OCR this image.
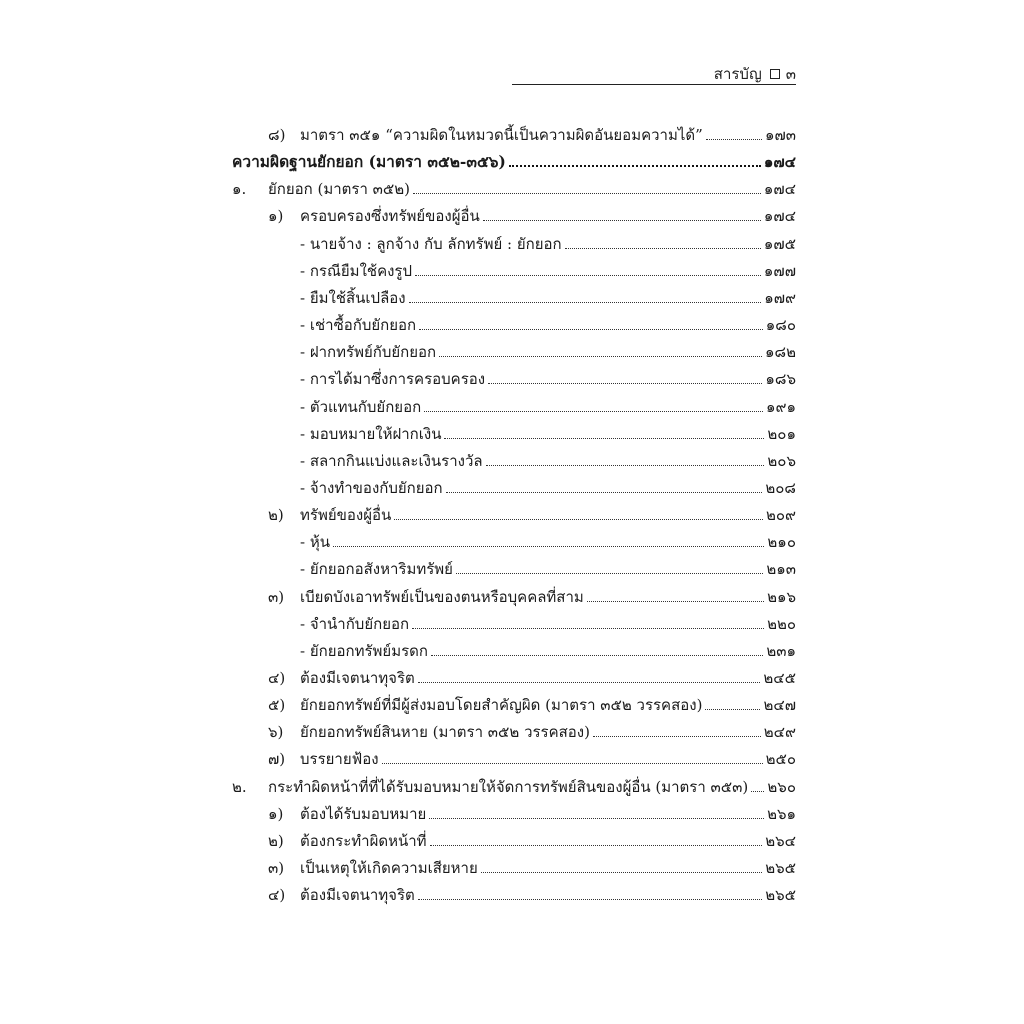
สารบัญ ๓
๘) มาตรา ๓๕๑ “ความผิดในหมวดนี้เป็นความผิดอันยอมความได้”	๑๗๓
ความผิดฐานยักยอก (มาตรา ๓๕๒-๓๕๖)	๑๗๔
๑. ยักยอก (มาตรา ๓๕๒)	๑๗๔
๑) ครอบครองซึ่งทรัพย์ของผู้อื่น	๑๗๔
- นายจ้าง : ลูกจ้าง กับ ลักทรัพย์ : ยักยอก	๑๗๕
- กรณียืมใช้คงรูป	๑๗๗
- ยืมใช้สิ้นเปลือง	๑๗๙
- เช่าซื้อกับยักยอก	๑๘๐
- ฝากทรัพย์กับยักยอก	๑๘๒
- การได้มาซึ่งการครอบครอง	๑๘๖
- ตัวแทนกับยักยอก	๑๙๑
- มอบหมายให้ฝากเงิน	๒๐๑
- สลากกินแบ่งและเงินรางวัล	๒๐๖
- จ้างทำของกับยักยอก	๒๐๘
๒) ทรัพย์ของผู้อื่น	๒๐๙
- หุ้น	๒๑๐
- ยักยอกอสังหาริมทรัพย์	๒๑๓
๓) เบียดบังเอาทรัพย์เป็นของตนหรือบุคคลที่สาม	๒๑๖
- จำนำกับยักยอก	๒๒๐
- ยักยอกทรัพย์มรดก	๒๓๑
๔) ต้องมีเจตนาทุจริต	๒๔๕
๕) ยักยอกทรัพย์ที่มีผู้ส่งมอบโดยสำคัญผิด (มาตรา ๓๕๒ วรรคสอง)	๒๔๗
๖) ยักยอกทรัพย์สินหาย (มาตรา ๓๕๒ วรรคสอง)	๒๔๙
๗) บรรยายฟ้อง	๒๕๐
๒. กระทำผิดหน้าที่ที่ได้รับมอบหมายให้จัดการทรัพย์สินของผู้อื่น (มาตรา ๓๕๓) ๒๖๐
๑) ต้องได้รับมอบหมาย	๒๖๑
๒) ต้องกระทำผิดหน้าที่	๒๖๔
๓) เป็นเหตุให้เกิดความเสียหาย	๒๖๕
๔) ต้องมีเจตนาทุจริต	๒๖๕
